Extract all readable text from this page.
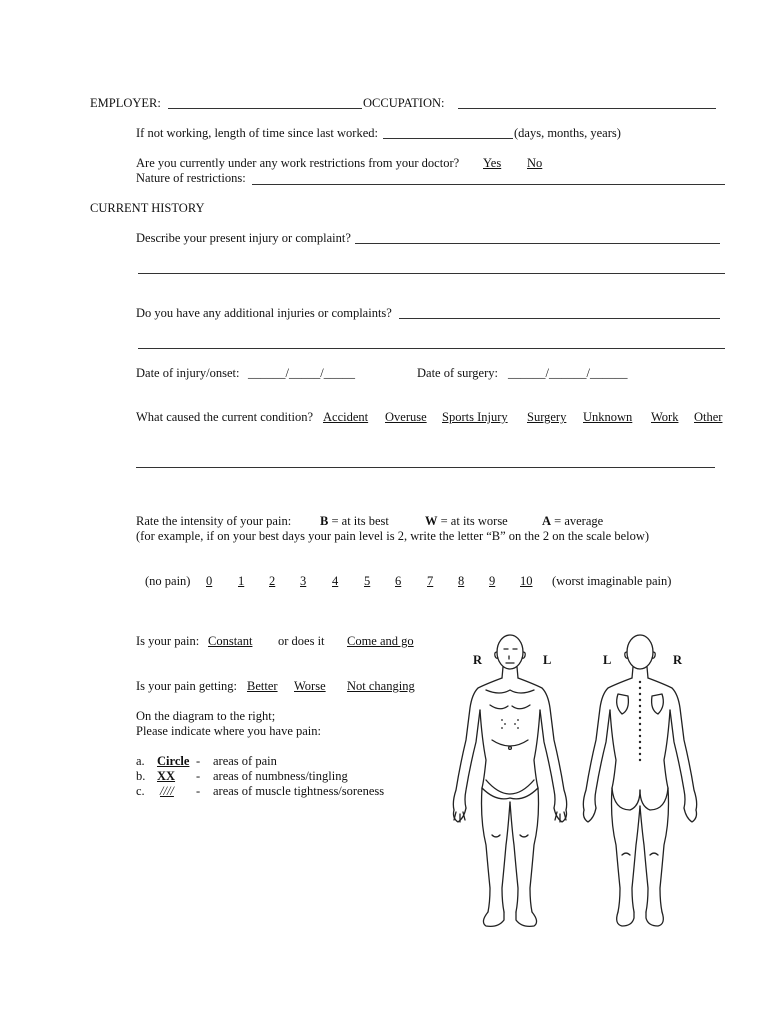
EMPLOYER:	OCCUPATION:
If not working, length of time since last worked:	(days, months, years)
Are you currently under any work restrictions from your doctor? Yes No
Nature of restrictions:
CURRENT HISTORY
Describe your present injury or complaint?
Do you have any additional injuries or complaints?
Date of injury/onset: ______/_____/_____	Date of surgery: ______/______/______
What caused the current condition? Accident Overuse Sports Injury Surgery Unknown Work Other
Rate the intensity of your pain: B = at its best	W = at its worse	A = average
(for example, if on your best days your pain level is 2, write the letter “B” on the 2 on the scale below)
(no pain) 0 1 2 3 4 5 6 7 8 9 10 (worst imaginable pain)
Is your pain: Constant or does it Come and go
Is your pain getting: Better Worse Not changing
On the diagram to the right;
Please indicate where you have pain:
a. Circle - areas of pain
b. XX - areas of numbness/tingling
c. //// - areas of muscle tightness/soreness
R	L	L	R
